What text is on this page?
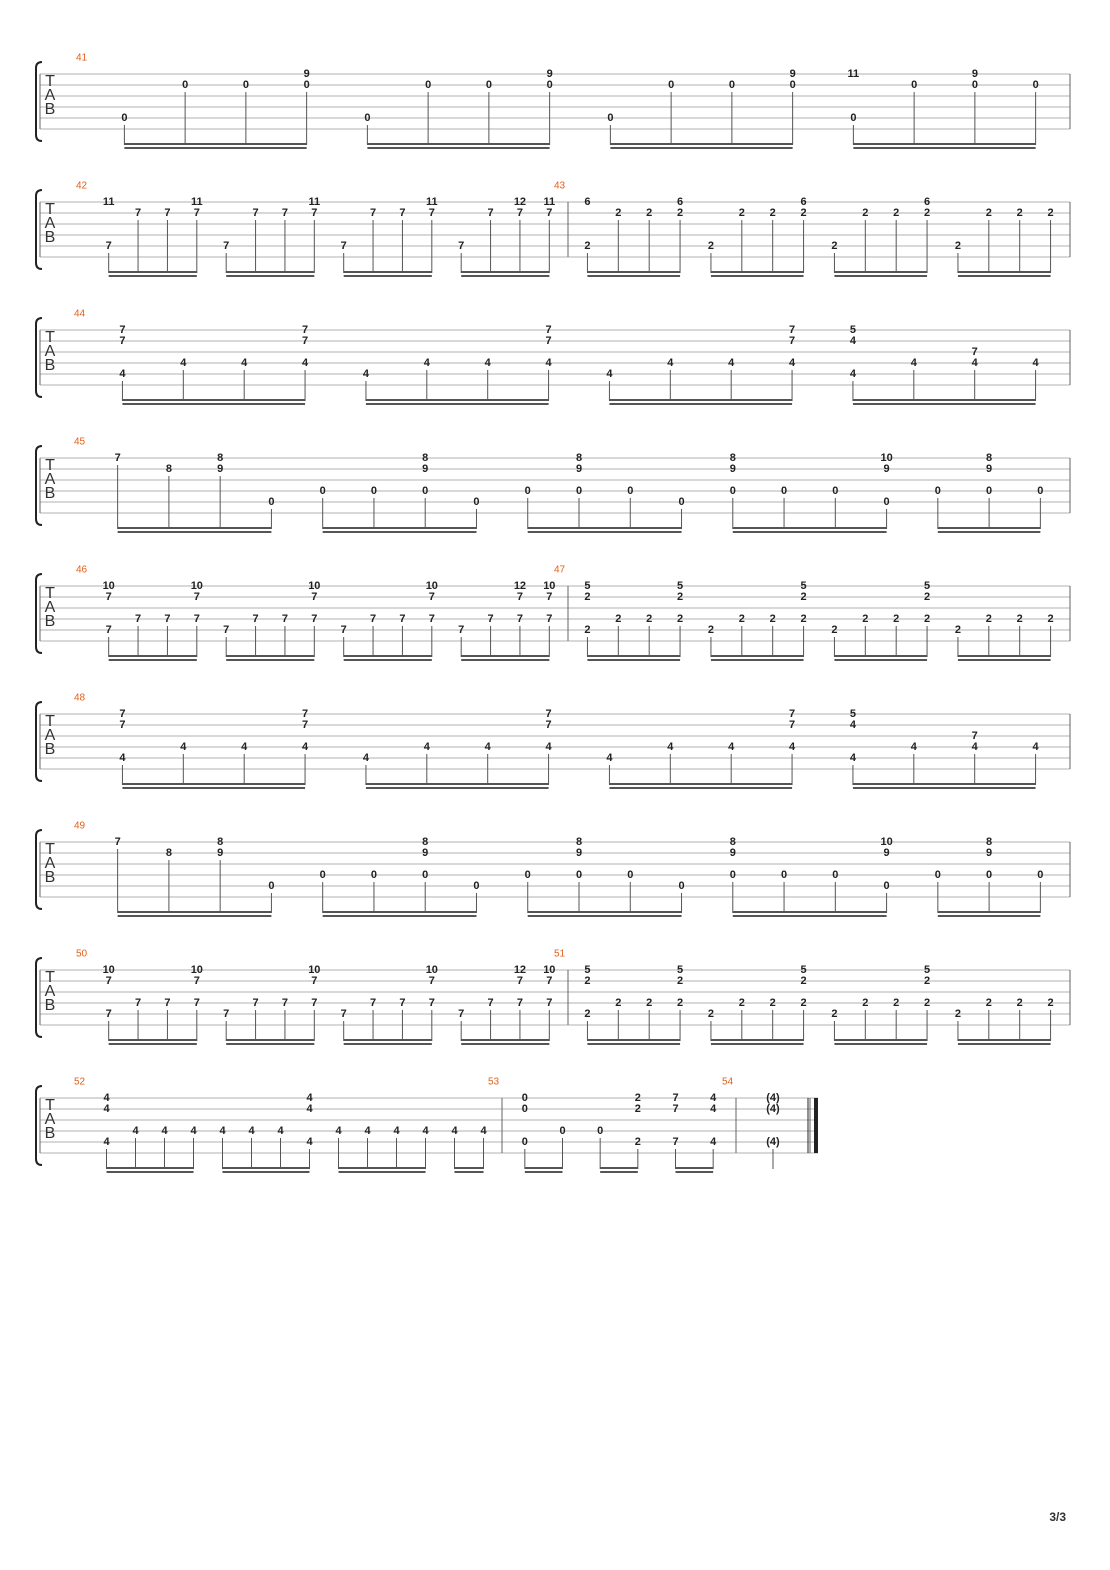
T
A
B
41
0
0	0
9
0
0
0	0
9
0
0
0	0
9
0
11
0
0
9
0	0
T
A
B
42
11
7
7 7
11
7
7
7 7
11
7
7
7 7
11
7
7
7
12
7
11
7
43
6
2
2 2
6
2
2
2 2
6
2
2
2 2
6
2
2
2 2 2
T
A
B
44
7
7
4
4	4
7
7
4
4
4	4
7
7
4
4
4	4
7
7
4
5
4
4
4
7
4	4
T
A
B
45
7
8
8
9
0
0	0
8
9
0
0
0
8
9
0	0
0
8
9
0	0	0
10
9
0
0
8
9
0	0
T
A
B
46
10
7
7
7 7
10
7
7
7
7 7
10
7
7
7
7 7
10
7
7
7
7
12
7
7
10
7
7
47
5
2
2
2 2
5
2
2
2
2 2
5
2
2
2
2 2
5
2
2
2
2 2 2
T
A
B
48
7
7
4
4	4
7
7
4
4
4	4
7
7
4
4
4	4
7
7
4
5
4
4
4
7
4	4
T
A
B
49
7
8
8
9
0
0	0
8
9
0
0
0
8
9
0	0
0
8
9
0	0	0
10
9
0
0
8
9
0	0
T
A
B
50
10
7
7
7 7
10
7
7
7
7 7
10
7
7
7
7 7
10
7
7
7
7
12
7
7
10
7
7
51
5
2
2
2 2
5
2
2
2
2 2
5
2
2
2
2 2
5
2
2
2
2 2 2
T
A
B
52
4
4
4
4 4 4 4 4 4
4
4
4
4 4 4 4 4 4
53
0
0
0
0	0
2
2
2
7
7
7
4
4
4
54
(4)
(4)
(4)
3/3
